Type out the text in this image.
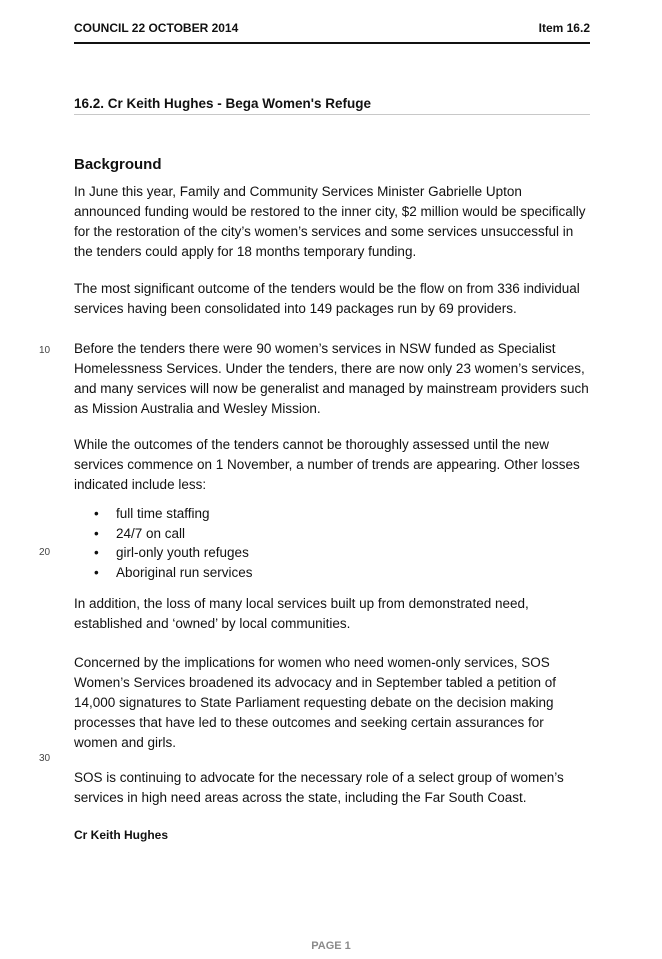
COUNCIL 22 OCTOBER 2014	Item 16.2
16.2. Cr Keith Hughes - Bega Women's Refuge
Background

In June this year, Family and Community Services Minister Gabrielle Upton announced funding would be restored to the inner city, $2 million would be specifically for the restoration of the city’s women’s services and some services unsuccessful in the tenders could apply for 18 months temporary funding.

The most significant outcome of the tenders would be the flow on from 336 individual services having been consolidated into 149 packages run by 69 providers.

Before the tenders there were 90 women’s services in NSW funded as Specialist Homelessness Services. Under the tenders, there are now only 23 women’s services, and many services will now be generalist and managed by mainstream providers such as Mission Australia and Wesley Mission.

While the outcomes of the tenders cannot be thoroughly assessed until the new services commence on 1 November, a number of trends are appearing. Other losses indicated include less:

• full time staffing
• 24/7 on call
• girl-only youth refuges
• Aboriginal run services

In addition, the loss of many local services built up from demonstrated need, established and ‘owned’ by local communities.

Concerned by the implications for women who need women-only services, SOS Women’s Services broadened its advocacy and in September tabled a petition of 14,000 signatures to State Parliament requesting debate on the decision making processes that have led to these outcomes and seeking certain assurances for women and girls.

SOS is continuing to advocate for the necessary role of a select group of women’s services in high need areas across the state, including the Far South Coast.

Cr Keith Hughes
10
20
30
PAGE 1
